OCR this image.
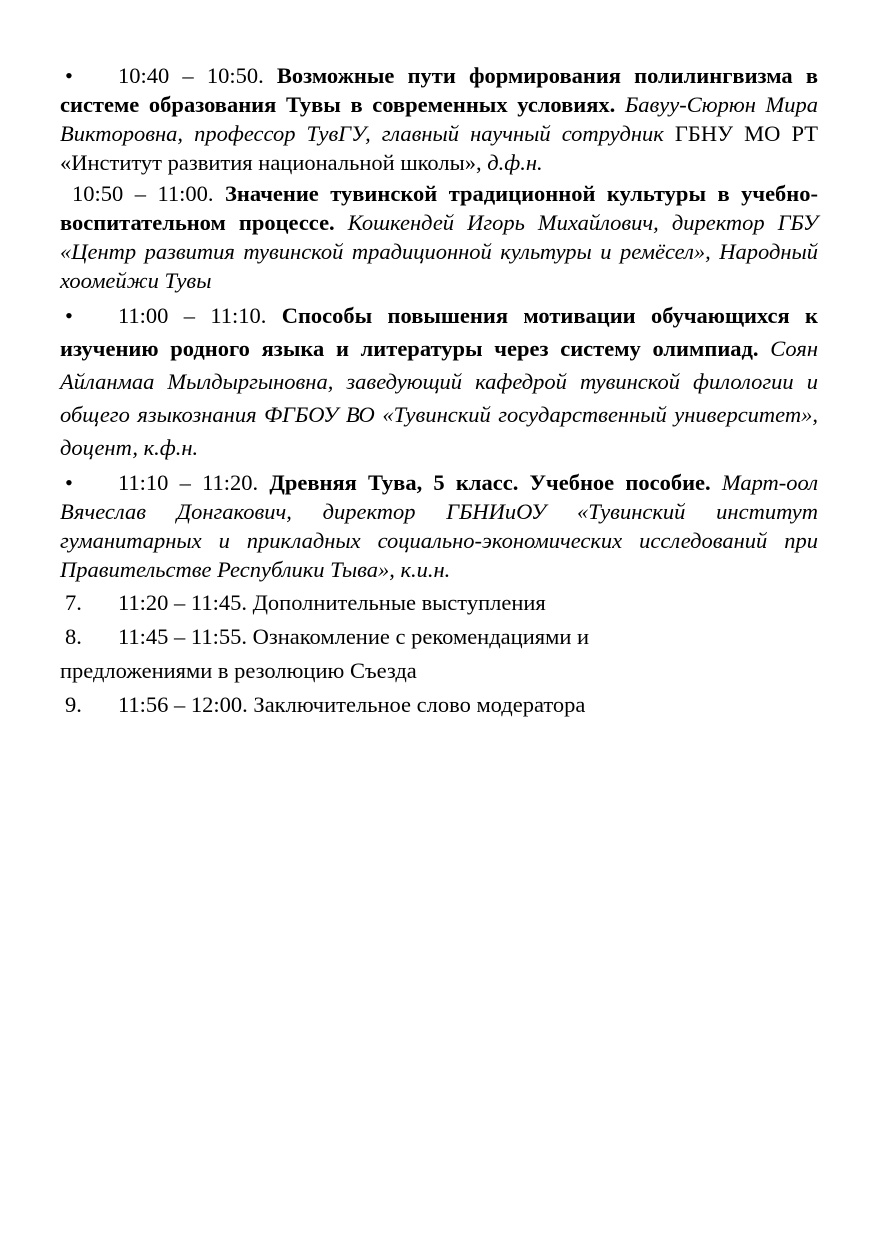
• 10:40 – 10:50. Возможные пути формирования полилингвизма в системе образования Тувы в современных условиях. Бавуу-Сюрюн Мира Викторовна, профессор ТувГУ, главный научный сотрудник ГБНУ МО РТ «Институт развития национальной школы», д.ф.н.

10:50 – 11:00. Значение тувинской традиционной культуры в учебно-воспитательном процессе. Кошкендей Игорь Михайлович, директор ГБУ «Центр развития тувинской традиционной культуры и ремёсел», Народный хоомейжи Тувы

• 11:00 – 11:10. Способы повышения мотивации обучающихся к изучению родного языка и литературы через систему олимпиад. Соян Айланмаа Мылдыргыновна, заведующий кафедрой тувинской филологии и общего языкознания ФГБОУ ВО «Тувинский государственный университет», доцент, к.ф.н.

• 11:10 – 11:20. Древняя Тува, 5 класс. Учебное пособие. Март-оол Вячеслав Донгакович, директор ГБНИиОУ «Тувинский институт гуманитарных и прикладных социально-экономических исследований при Правительстве Республики Тыва», к.и.н.

7. 11:20 – 11:45. Дополнительные выступления

8. 11:45 – 11:55. Ознакомление с рекомендациями и
предложениями в резолюцию Съезда

9. 11:56 – 12:00. Заключительное слово модератора
